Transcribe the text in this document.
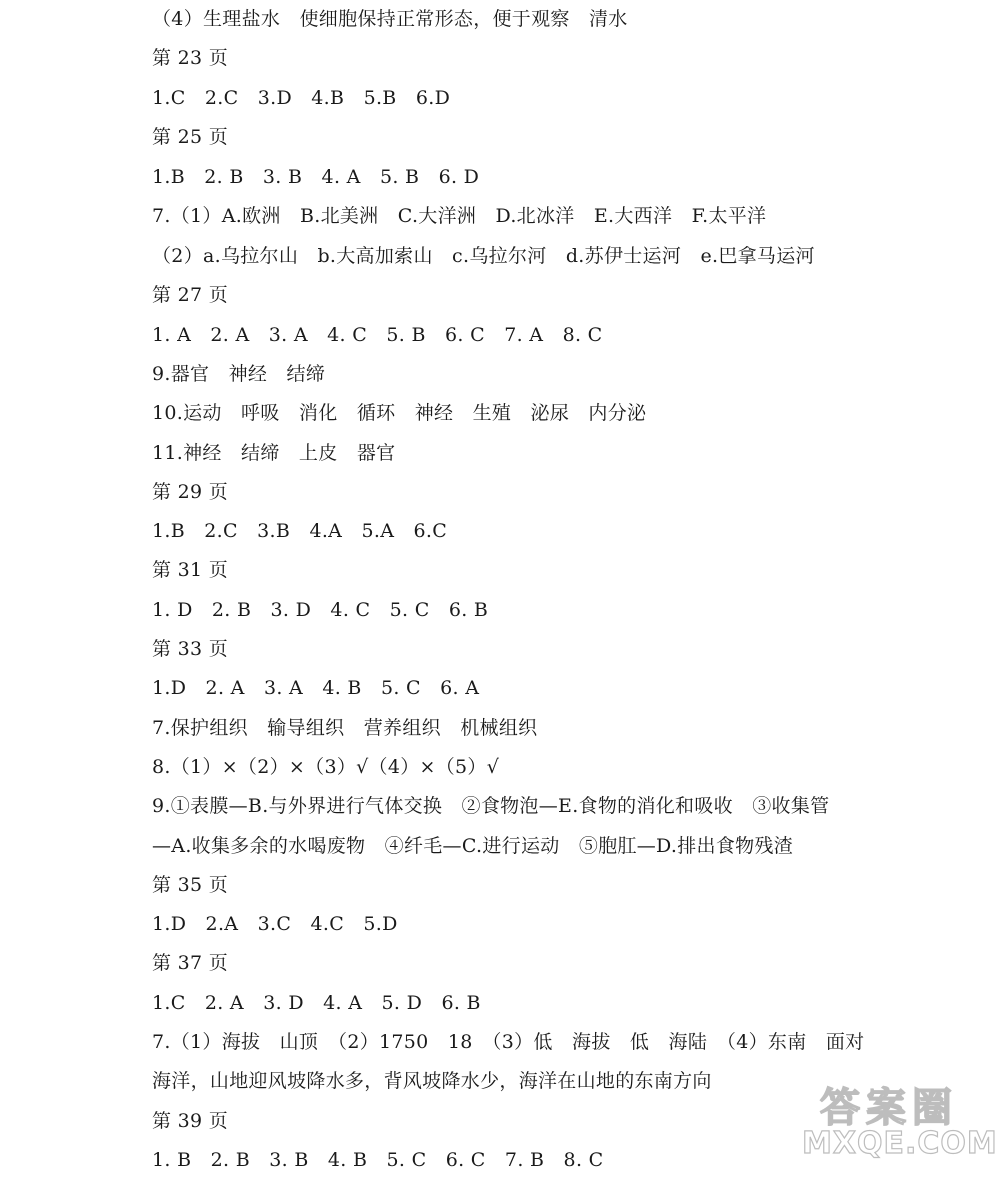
（4）生理盐水　使细胞保持正常形态，便于观察　清水
第 23 页
1.C　2.C　3.D　4.B　5.B　6.D
第 25 页
1.B　2. B　3. B　4. A　5. B　6. D
7.（1）A.欧洲　B.北美洲　C.大洋洲　D.北冰洋　E.大西洋　F.太平洋
（2）a.乌拉尔山　b.大高加索山　c.乌拉尔河　d.苏伊士运河　e.巴拿马运河
第 27 页
1. A　2. A　3. A　4. C　5. B　6. C　7. A　8. C
9.器官　神经　结缔
10.运动　呼吸　消化　循环　神经　生殖　泌尿　内分泌
11.神经　结缔　上皮　器官
第 29 页
1.B　2.C　3.B　4.A　5.A　6.C
第 31 页
1. D　2. B　3. D　4. C　5. C　6. B
第 33 页
1.D　2. A　3. A　4. B　5. C　6. A
7.保护组织　输导组织　营养组织　机械组织
8.（1）×（2）×（3）√（4）×（5）√
9.①表膜—B.与外界进行气体交换　②食物泡—E.食物的消化和吸收　③收集管
—A.收集多余的水喝废物　④纤毛—C.进行运动　⑤胞肛—D.排出食物残渣
第 35 页
1.D　2.A　3.C　4.C　5.D
第 37 页
1.C　2. A　3. D　4. A　5. D　6. B
7.（1）海拔　山顶　（2）1750　18　（3）低　海拔　低　海陆　（4）东南　面对
海洋，山地迎风坡降水多，背风坡降水少，海洋在山地的东南方向
第 39 页
1. B　2. B　3. B　4. B　5. C　6. C　7. B　8. C
答案圈
MXQE.COM
